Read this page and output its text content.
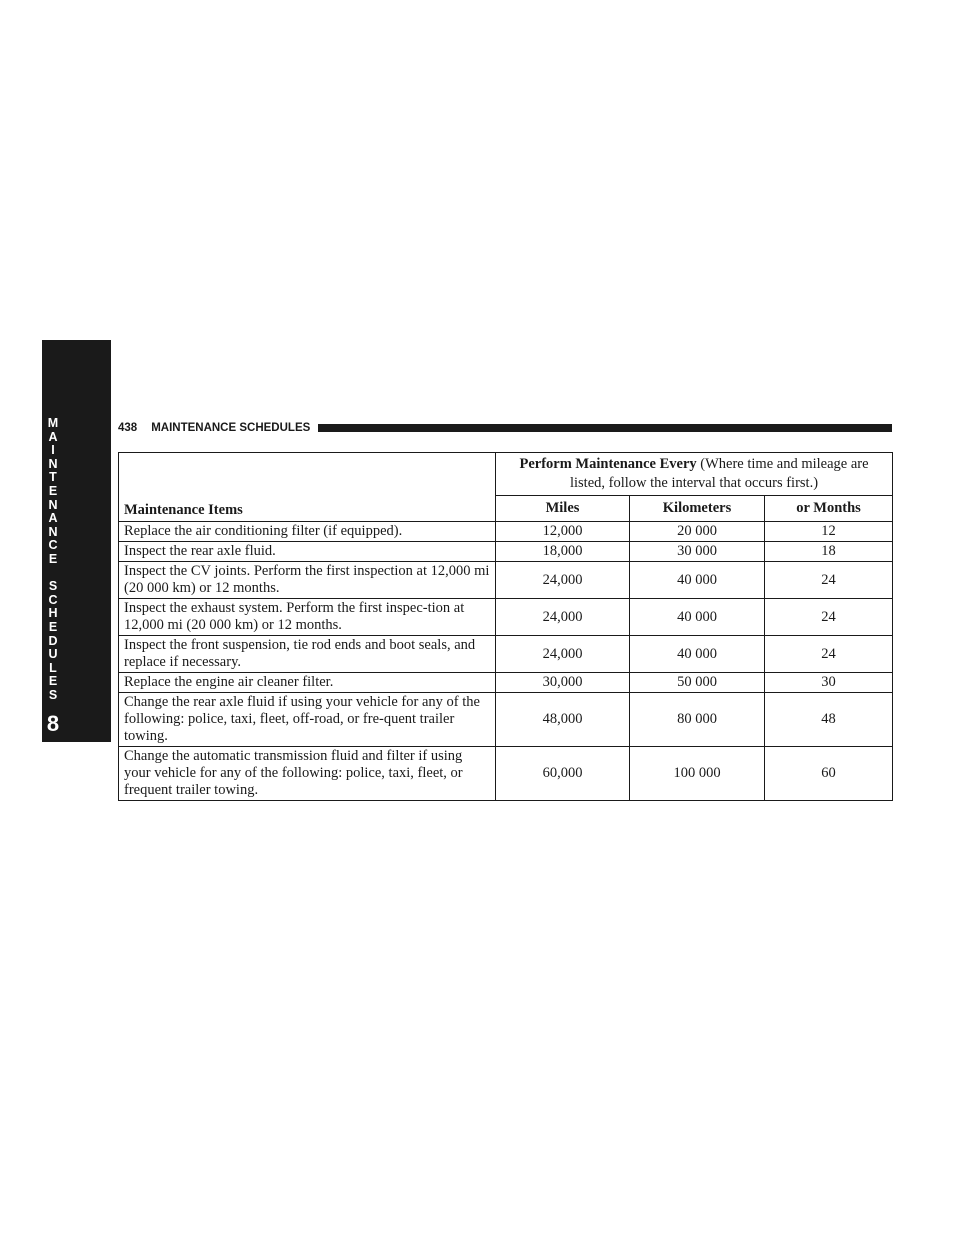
M
A
I
N
T
E
N
A
N
C
E
S
C
H
E
D
U
L
E
S
8
438 MAINTENANCE SCHEDULES
Maintenance Items	Perform Maintenance Every (Where time and mileage are listed, follow the interval that occurs first.)		
	Miles	Kilometers	or Months
Replace the air conditioning filter (if equipped).	12,000	20 000	12
Inspect the rear axle fluid.	18,000	30 000	18
Inspect the CV joints. Perform the first inspection at 12,000 mi (20 000 km) or 12 months.	24,000	40 000	24
Inspect the exhaust system. Perform the first inspec-tion at 12,000 mi (20 000 km) or 12 months.	24,000	40 000	24
Inspect the front suspension, tie rod ends and boot seals, and replace if necessary.	24,000	40 000	24
Replace the engine air cleaner filter.	30,000	50 000	30
Change the rear axle fluid if using your vehicle for any of the following: police, taxi, fleet, off-road, or fre-quent trailer towing.	48,000	80 000	48
Change the automatic transmission fluid and filter if using your vehicle for any of the following: police, taxi, fleet, or frequent trailer towing.	60,000	100 000	60
